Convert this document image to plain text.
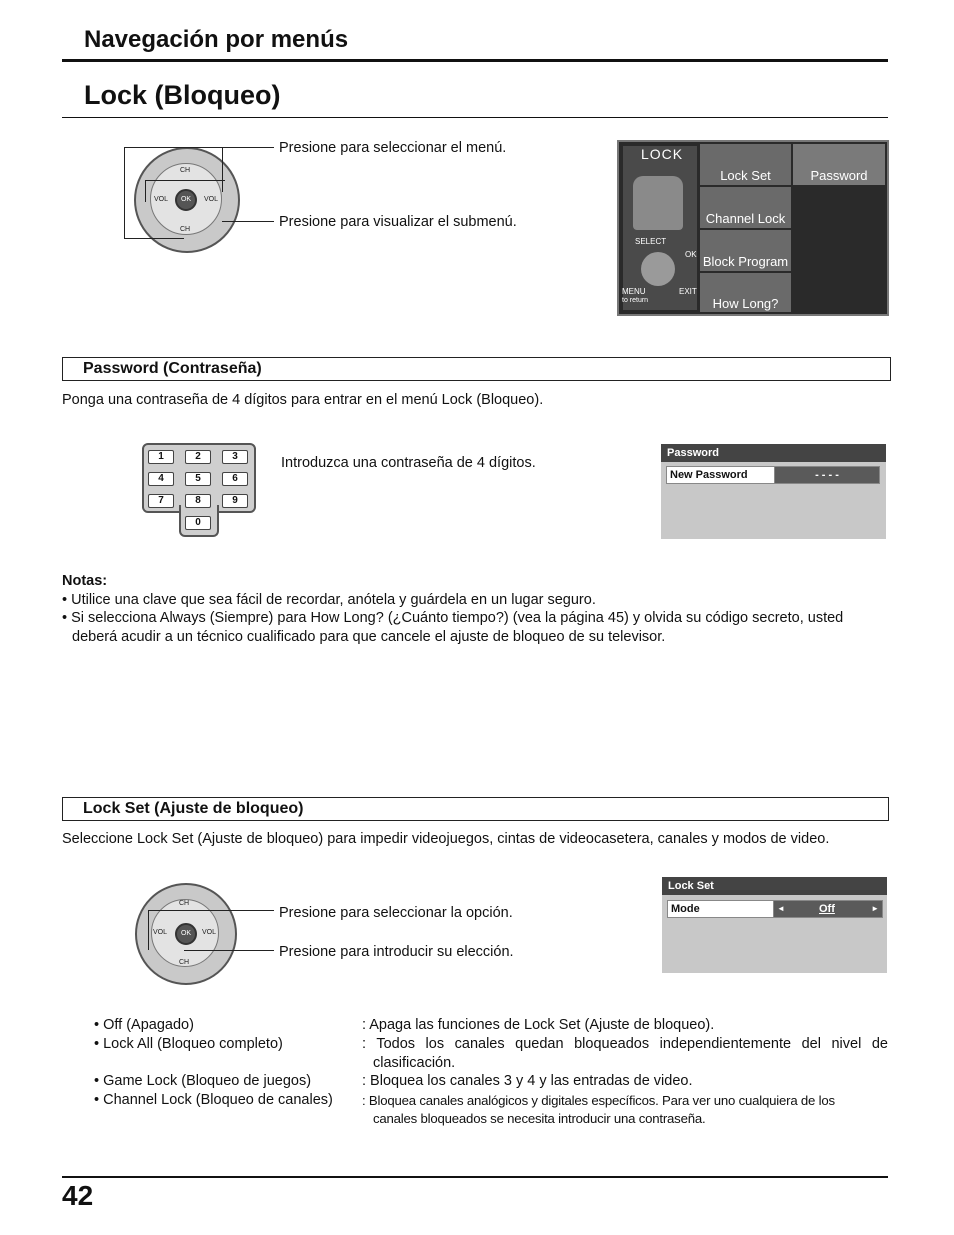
Navegación por menús
Lock (Bloqueo)
OK
CH
CH
VOL	VOL
Presione para seleccionar el menú.
Presione para visualizar el submenú.
LOCK
SELECT
OK
MENU
to return
EXIT
Lock Set	Password
Channel Lock
Block Program
How Long?
Password (Contraseña)
Ponga una contraseña de 4 dígitos para entrar en el menú Lock (Bloqueo).
1	2	3
4	5	6
7	8	9
0
Introduzca una contraseña de 4 dígitos.
Password
New Password	- - - -
Notas:
• Utilice una clave que sea fácil de recordar, anótela y guárdela en un lugar seguro.
• Si selecciona Always (Siempre) para How Long? (¿Cuánto tiempo?) (vea la página 45) y olvida su código secreto, usted
deberá acudir a un técnico cualificado para que cancele el ajuste de bloqueo de su televisor.
Lock Set (Ajuste de bloqueo)
Seleccione Lock Set (Ajuste de bloqueo) para impedir videojuegos, cintas de videocasetera, canales y modos de video.
OK
CH
CH
VOL	VOL
Presione para seleccionar la opción.
Presione para introducir su elección.
Lock Set
Mode	◄	Off	►
• Off (Apagado)	: Apaga las funciones de Lock Set (Ajuste de bloqueo).
• Lock All (Bloqueo completo)	: Todos los canales quedan bloqueados independientemente del nivel de
clasificación.
• Game Lock (Bloqueo de juegos)	: Bloquea los canales 3 y 4 y las entradas de video.
• Channel Lock (Bloqueo de canales) : Bloquea canales analógicos y digitales específicos. Para ver uno cualquiera de los
canales bloqueados se necesita introducir una contraseña.
42
